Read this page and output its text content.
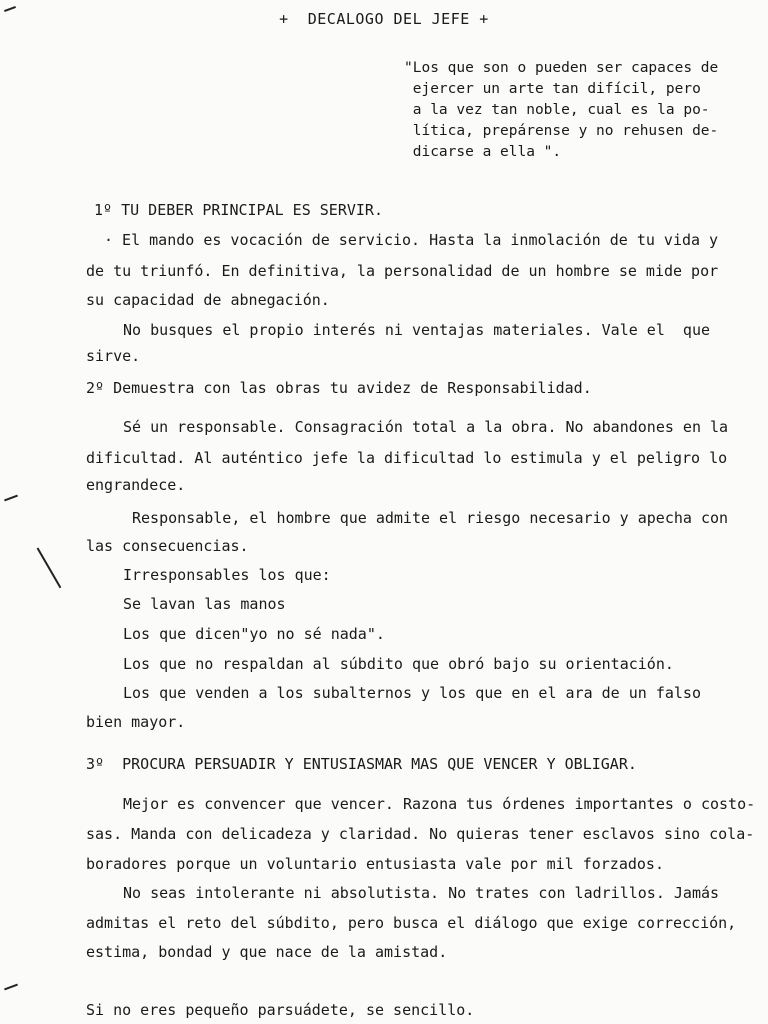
+  DECALOGO DEL JEFE +
"Los que son o pueden ser capaces de
ejercer un arte tan difícil, pero
a la vez tan noble, cual es la po-
lítica, prepárense y no rehusen de-
dicarse a ella ".
1º TU DEBER PRINCIPAL ES SERVIR.
· El mando es vocación de servicio. Hasta la inmolación de tu vida y
de tu triunfó. En definitiva, la personalidad de un hombre se mide por
su capacidad de abnegación.
No busques el propio interés ni ventajas materiales. Vale el  que
sirve.
2º Demuestra con las obras tu avidez de Responsabilidad.
Sé un responsable. Consagración total a la obra. No abandones en la
dificultad. Al auténtico jefe la dificultad lo estimula y el peligro lo
engrandece.
Responsable, el hombre que admite el riesgo necesario y apecha con
las consecuencias.
Irresponsables los que:
Se lavan las manos
Los que dicen"yo no sé nada".
Los que no respaldan al súbdito que obró bajo su orientación.
Los que venden a los subalternos y los que en el ara de un falso
bien mayor.
3º  PROCURA PERSUADIR Y ENTUSIASMAR MAS QUE VENCER Y OBLIGAR.
Mejor es convencer que vencer. Razona tus órdenes importantes o costo-
sas. Manda con delicadeza y claridad. No quieras tener esclavos sino cola-
boradores porque un voluntario entusiasta vale por mil forzados.
No seas intolerante ni absolutista. No trates con ladrillos. Jamás
admitas el reto del súbdito, pero busca el diálogo que exige corrección,
estima, bondad y que nace de la amistad.
Si no eres pequeño parsuádete, se sencillo.
